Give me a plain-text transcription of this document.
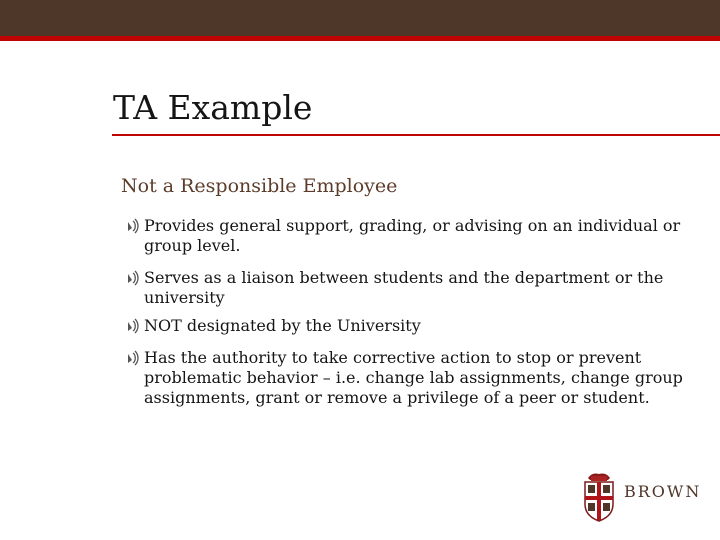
TA Example
Not a Responsible Employee
Provides general support, grading, or advising on an individual or group level.
Serves as a liaison between students and the department or the university
NOT designated by the University
Has the authority to take corrective action to stop or prevent problematic behavior – i.e. change lab assignments, change group assignments, grant or remove a privilege of a peer or student.
BROWN
